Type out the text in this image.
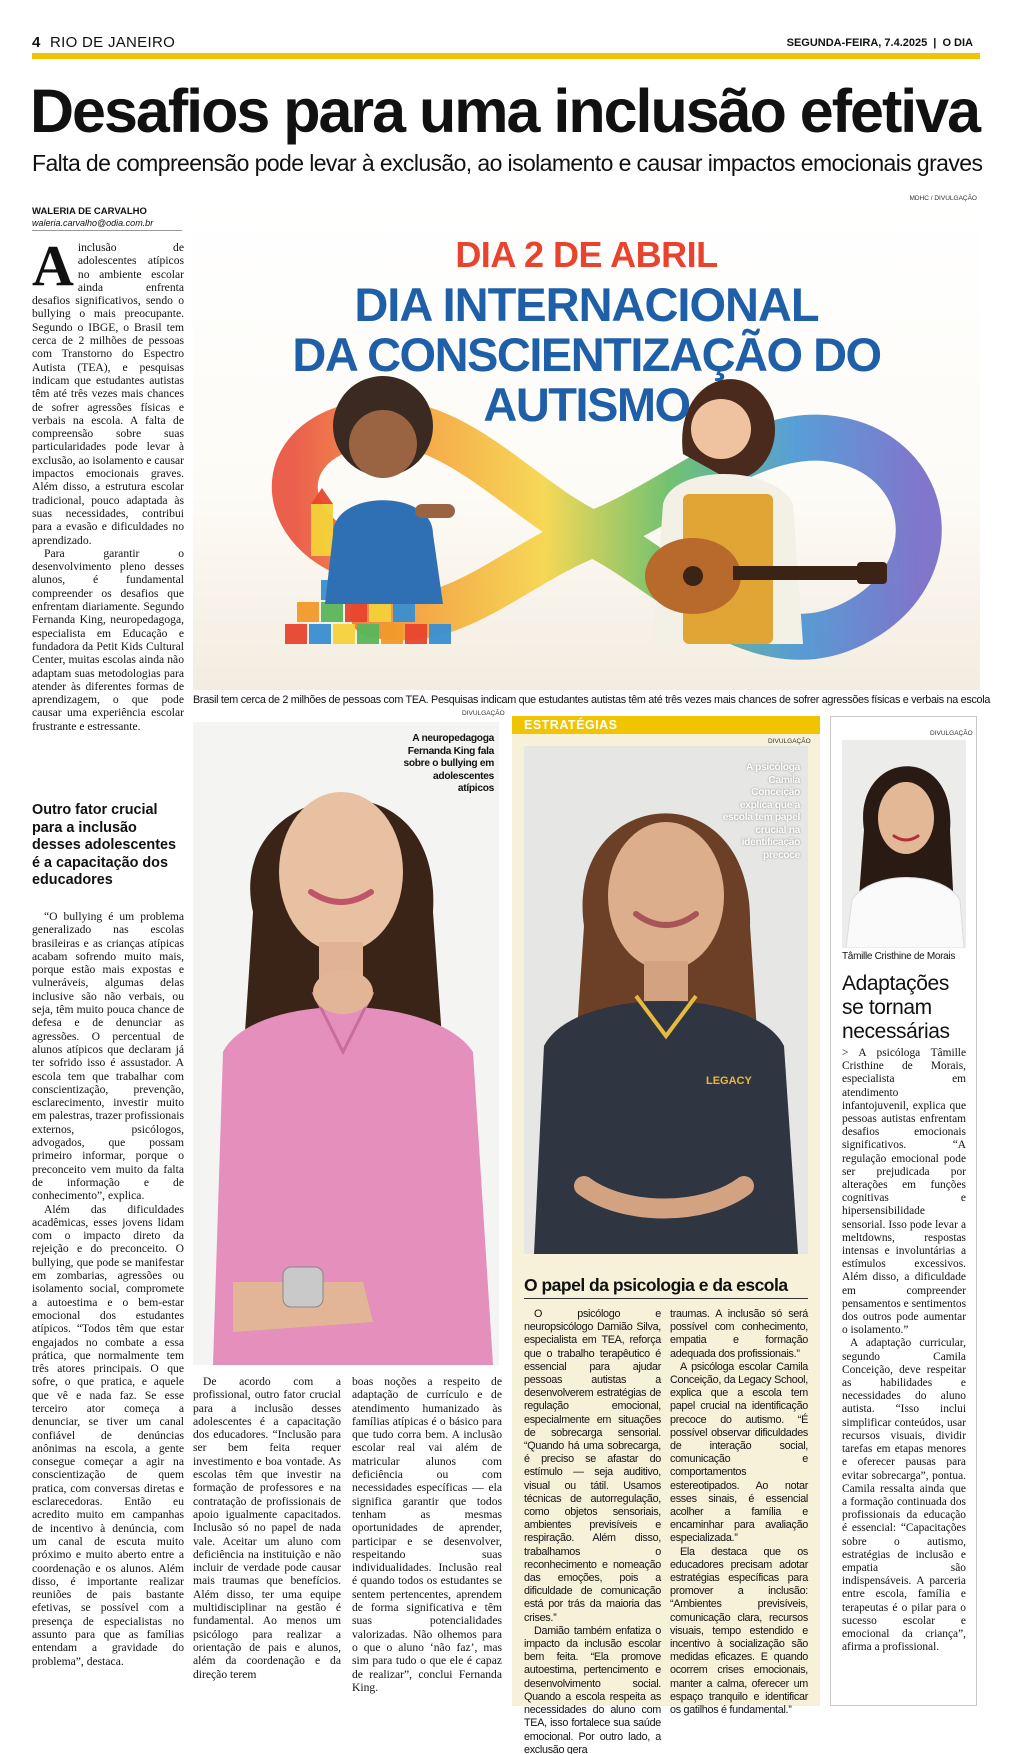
4 RIO DE JANEIRO	SEGUNDA-FEIRA, 7.4.2025 | O DIA
Desafios para uma inclusão efetiva
Falta de compreensão pode levar à exclusão, ao isolamento e causar impactos emocionais graves
WALERIA DE CARVALHO
waleria.carvalho@odia.com.br

Ainclusão de adolescentes atípicos no ambiente escolar ainda enfrenta desafios significativos, sendo o bullying o mais preocupante. Segundo o IBGE, o Brasil tem cerca de 2 milhões de pessoas com Transtorno do Espectro Autista (TEA), e pesquisas indicam que estudantes autistas têm até três vezes mais chances de sofrer agressões físicas e verbais na escola. A falta de compreensão sobre suas particularidades pode levar à exclusão, ao isolamento e causar impactos emocionais graves. Além disso, a estrutura escolar tradicional, pouco adaptada às suas necessidades, contribui para a evasão e dificuldades no aprendizado.

Para garantir o desenvolvimento pleno desses alunos, é fundamental compreender os desafios que enfrentam diariamente. Segundo Fernanda King, neuropedagoga, especialista em Educação e fundadora da Petit Kids Cultural Center, muitas escolas ainda não adaptam suas metodologias para atender às diferentes formas de aprendizagem, o que pode causar uma experiência escolar frustrante e estressante.

Outro fator crucial para a inclusão desses adolescentes é a capacitação dos educadores

“O bullying é um problema generalizado nas escolas brasileiras e as crianças atípicas acabam sofrendo muito mais, porque estão mais expostas e vulneráveis, algumas delas inclusive são não verbais, ou seja, têm muito pouca chance de defesa e de denunciar as agressões. O percentual de alunos atípicos que declaram já ter sofrido isso é assustador. A escola tem que trabalhar com conscientização, prevenção, esclarecimento, investir muito em palestras, trazer profissionais externos, psicólogos, advogados, que possam primeiro informar, porque o preconceito vem muito da falta de informação e de conhecimento”, explica.

Além das dificuldades acadêmicas, esses jovens lidam com o impacto direto da rejeição e do preconceito. O bullying, que pode se manifestar em zombarias, agressões ou isolamento social, compromete a autoestima e o bem-estar emocional dos estudantes atípicos. “Todos têm que estar engajados no combate a essa prática, que normalmente tem três atores principais. O que sofre, o que pratica, e aquele que vê e nada faz. Se esse terceiro ator começa a denunciar, se tiver um canal confiável de denúncias anônimas na escola, a gente consegue começar a agir na conscientização de quem pratica, com conversas diretas e esclarecedoras. Então eu acredito muito em campanhas de incentivo à denúncia, com um canal de escuta muito próximo e muito aberto entre a coordenação e os alunos. Além disso, é importante realizar reuniões de pais bastante efetivas, se possível com a presença de especialistas no assunto para que as famílias entendam a gravidade do problema”, destaca.

MDHC / DIVULGAÇÃO
DIA 2 DE ABRIL
DIA INTERNACIONAL
DA CONSCIENTIZAÇÃO DO AUTISMO
Brasil tem cerca de 2 milhões de pessoas com TEA. Pesquisas indicam que estudantes autistas têm até três vezes mais chances de sofrer agressões físicas e verbais na escola
DIVULGAÇÃO
A neuropedagoga Fernanda King fala sobre o bullying em adolescentes atípicos

De acordo com a profissional, outro fator crucial para a inclusão desses adolescentes é a capacitação dos educadores. “Inclusão para ser bem feita requer investimento e boa vontade. As escolas têm que investir na formação de professores e na contratação de profissionais de apoio igualmente capacitados. Inclusão só no papel de nada vale. Aceitar um aluno com deficiência na instituição e não incluir de verdade pode causar mais traumas que benefícios. Além disso, ter uma equipe multidisciplinar na gestão é fundamental. Ao menos um psicólogo para realizar a orientação de pais e alunos, além da coordenação e da direção terem

boas noções a respeito de adaptação de currículo e de atendimento humanizado às famílias atípicas é o básico para que tudo corra bem. A inclusão escolar real vai além de matricular alunos com deficiência ou com necessidades específicas — ela significa garantir que todos tenham as mesmas oportunidades de aprender, participar e se desenvolver, respeitando suas individualidades. Inclusão real é quando todos os estudantes se sentem pertencentes, aprendem de forma significativa e têm suas potencialidades valorizadas. Não olhemos para o que o aluno ‘não faz’, mas sim para tudo o que ele é capaz de realizar”, conclui Fernanda King.

ESTRATÉGIAS
DIVULGAÇÃO
LEGACY
A psicóloga Camila Conceição explica que a escola tem papel crucial na identificação precoce
O papel da psicologia e da escola

O psicólogo e neuropsicólogo Damião Silva, especialista em TEA, reforça que o trabalho terapêutico é essencial para ajudar pessoas autistas a desenvolverem estratégias de regulação emocional, especialmente em situações de sobrecarga sensorial. “Quando há uma sobrecarga, é preciso se afastar do estímulo — seja auditivo, visual ou tátil. Usamos técnicas de autorregulação, como objetos sensoriais, ambientes previsíveis e respiração. Além disso, trabalhamos o reconhecimento e nomeação das emoções, pois a dificuldade de comunicação está por trás da maioria das crises.”

Damião também enfatiza o impacto da inclusão escolar bem feita. “Ela promove autoestima, pertencimento e desenvolvimento social. Quando a escola respeita as necessidades do aluno com TEA, isso fortalece sua saúde emocional. Por outro lado, a exclusão gera

traumas. A inclusão só será possível com conhecimento, empatia e formação adequada dos profissionais.”

A psicóloga escolar Camila Conceição, da Legacy School, explica que a escola tem papel crucial na identificação precoce do autismo. “É possível observar dificuldades de interação social, comunicação e comportamentos estereotipados. Ao notar esses sinais, é essencial acolher a família e encaminhar para avaliação especializada.”

Ela destaca que os educadores precisam adotar estratégias específicas para promover a inclusão: “Ambientes previsíveis, comunicação clara, recursos visuais, tempo estendido e incentivo à socialização são medidas eficazes. E quando ocorrem crises emocionais, manter a calma, oferecer um espaço tranquilo e identificar os gatilhos é fundamental.”

DIVULGAÇÃO
Tâmille Cristhine de Morais
Adaptações se tornam necessárias

> A psicóloga Tâmille Cristhine de Morais, especialista em atendimento infantojuvenil, explica que pessoas autistas enfrentam desafios emocionais significativos. “A regulação emocional pode ser prejudicada por alterações em funções cognitivas e hipersensibilidade sensorial. Isso pode levar a meltdowns, respostas intensas e involuntárias a estímulos excessivos. Além disso, a dificuldade em compreender pensamentos e sentimentos dos outros pode aumentar o isolamento.”

A adaptação curricular, segundo Camila Conceição, deve respeitar as habilidades e necessidades do aluno autista. “Isso inclui simplificar conteúdos, usar recursos visuais, dividir tarefas em etapas menores e oferecer pausas para evitar sobrecarga”, pontua. Camila ressalta ainda que a formação continuada dos profissionais da educação é essencial: “Capacitações sobre o autismo, estratégias de inclusão e empatia são indispensáveis. A parceria entre escola, família e terapeutas é o pilar para o sucesso escolar e emocional da criança”, afirma a profissional.
